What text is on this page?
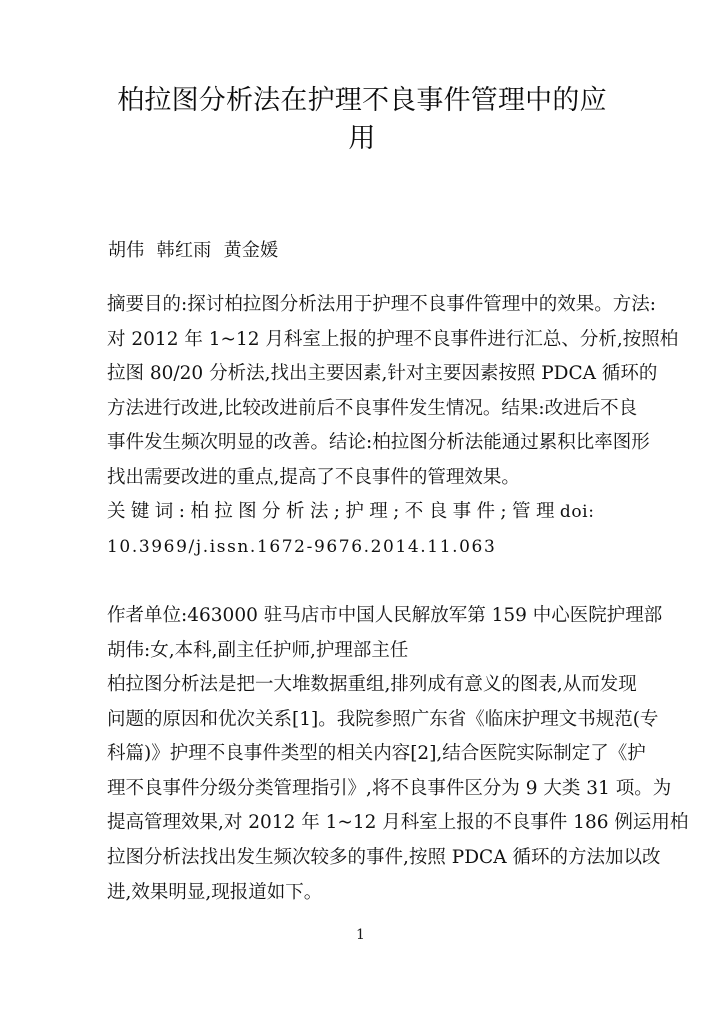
柏拉图分析法在护理不良事件管理中的应用
胡伟  韩红雨  黄金媛
摘要目的:探讨柏拉图分析法用于护理不良事件管理中的效果。方法:
对 2012 年 1~12 月科室上报的护理不良事件进行汇总、分析,按照柏
拉图 80/20 分析法,找出主要因素,针对主要因素按照 PDCA 循环的
方法进行改进,比较改进前后不良事件发生情况。结果:改进后不良
事件发生频次明显的改善。结论:柏拉图分析法能通过累积比率图形
找出需要改进的重点,提高了不良事件的管理效果。
关键词:柏拉图分析法;护理;不良事件;管理doi:
10.3969/j.issn.1672-9676.2014.11.063
作者单位:463000 驻马店市中国人民解放军第 159 中心医院护理部
胡伟:女,本科,副主任护师,护理部主任
柏拉图分析法是把一大堆数据重组,排列成有意义的图表,从而发现
问题的原因和优次关系[1]。我院参照广东省《临床护理文书规范(专
科篇)》护理不良事件类型的相关内容[2],结合医院实际制定了《护
理不良事件分级分类管理指引》,将不良事件区分为 9 大类 31 项。为
提高管理效果,对 2012 年 1~12 月科室上报的不良事件 186 例运用柏
拉图分析法找出发生频次较多的事件,按照 PDCA 循环的方法加以改
进,效果明显,现报道如下。
1
